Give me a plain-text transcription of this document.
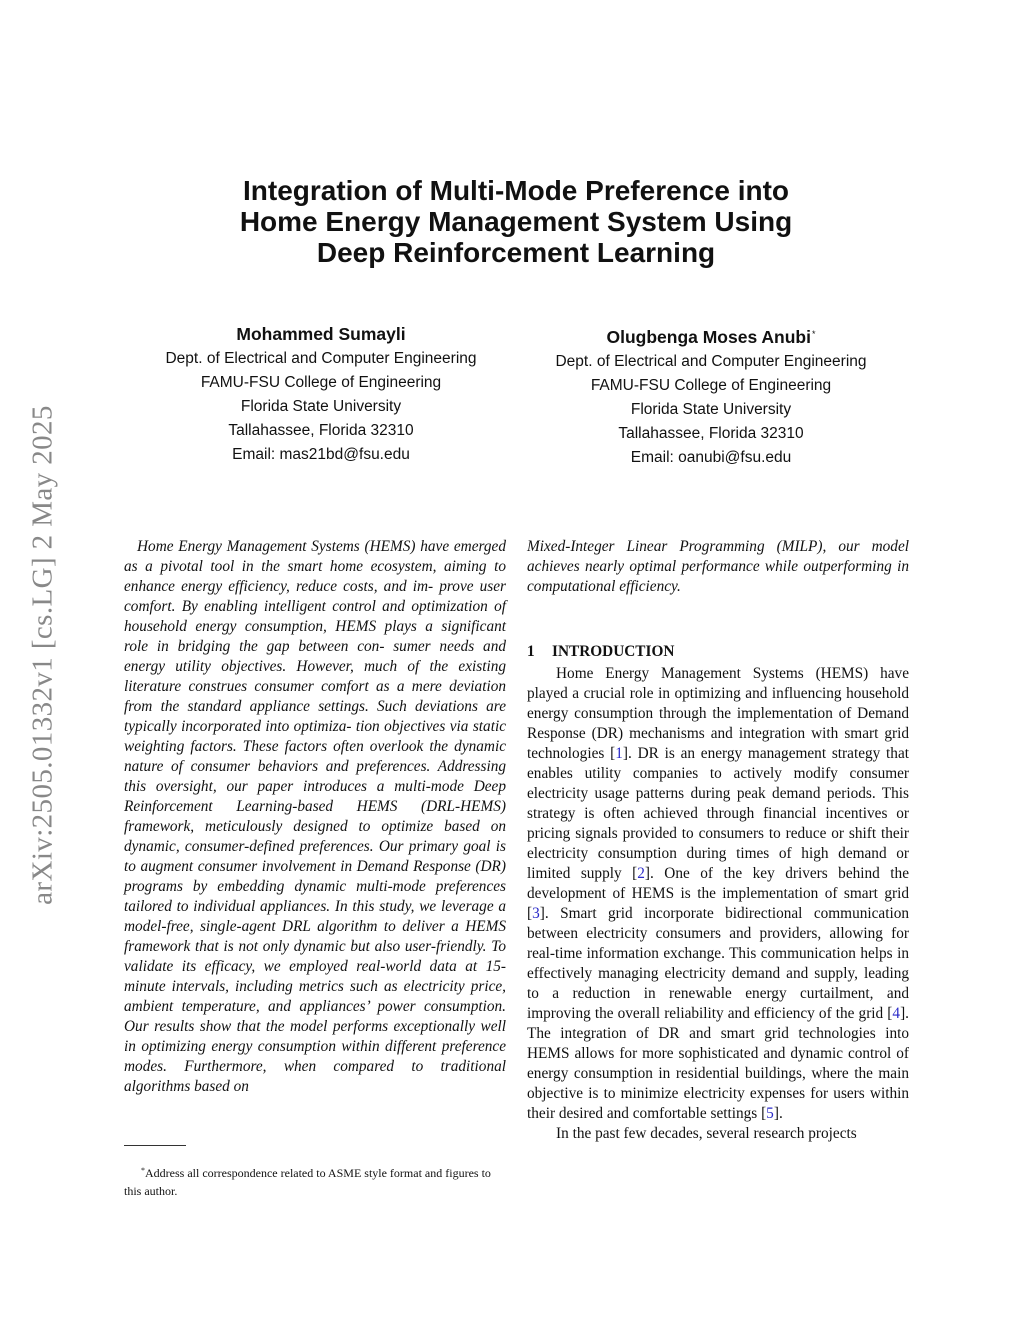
arXiv:2505.01332v1 [cs.LG] 2 May 2025
Integration of Multi-Mode Preference into
Home Energy Management System Using
Deep Reinforcement Learning
Mohammed Sumayli
Dept. of Electrical and Computer Engineering
FAMU-FSU College of Engineering
Florida State University
Tallahassee, Florida 32310
Email: mas21bd@fsu.edu
Olugbenga Moses Anubi*
Dept. of Electrical and Computer Engineering
FAMU-FSU College of Engineering
Florida State University
Tallahassee, Florida 32310
Email: oanubi@fsu.edu

Home Energy Management Systems (HEMS) have emerged as a pivotal tool in the smart home ecosystem, aiming to enhance energy efficiency, reduce costs, and im- prove user comfort. By enabling intelligent control and optimization of household energy consumption, HEMS plays a significant role in bridging the gap between con- sumer needs and energy utility objectives. However, much of the existing literature construes consumer comfort as a mere deviation from the standard appliance settings. Such deviations are typically incorporated into optimiza- tion objectives via static weighting factors. These factors often overlook the dynamic nature of consumer behaviors and preferences. Addressing this oversight, our paper introduces a multi-mode Deep Reinforcement Learning-based HEMS (DRL-HEMS) framework, meticulously designed to optimize based on dynamic, consumer-defined preferences. Our primary goal is to augment consumer involvement in Demand Response (DR) programs by embedding dynamic multi-mode preferences tailored to individual appliances. In this study, we leverage a model-free, single-agent DRL algorithm to deliver a HEMS framework that is not only dynamic but also user-friendly. To validate its efficacy, we employed real-world data at 15-minute intervals, including metrics such as electricity price, ambient temperature, and appliances’ power consumption. Our results show that the model performs exceptionally well in optimizing energy consumption within different preference modes. Furthermore, when compared to traditional algorithms based on

Mixed-Integer Linear Programming (MILP), our model achieves nearly optimal performance while outperforming in computational efficiency.

1 INTRODUCTION

Home Energy Management Systems (HEMS) have played a crucial role in optimizing and influencing household energy consumption through the implementation of Demand Response (DR) mechanisms and integration with smart grid technologies [1]. DR is an energy management strategy that enables utility companies to actively modify consumer electricity usage patterns during peak demand periods. This strategy is often achieved through financial incentives or pricing signals provided to consumers to reduce or shift their electricity consumption during times of high demand or limited supply [2]. One of the key drivers behind the development of HEMS is the implementation of smart grid [3]. Smart grid incorporate bidirectional communication between electricity consumers and providers, allowing for real-time information exchange. This communication helps in effectively managing electricity demand and supply, leading to a reduction in renewable energy curtailment, and improving the overall reliability and efficiency of the grid [4]. The integration of DR and smart grid technologies into HEMS allows for more sophisticated and dynamic control of energy consumption in residential buildings, where the main objective is to minimize electricity expenses for users within their desired and comfortable settings [5].

In the past few decades, several research projects

*Address all correspondence related to ASME style format and figures to this author.
